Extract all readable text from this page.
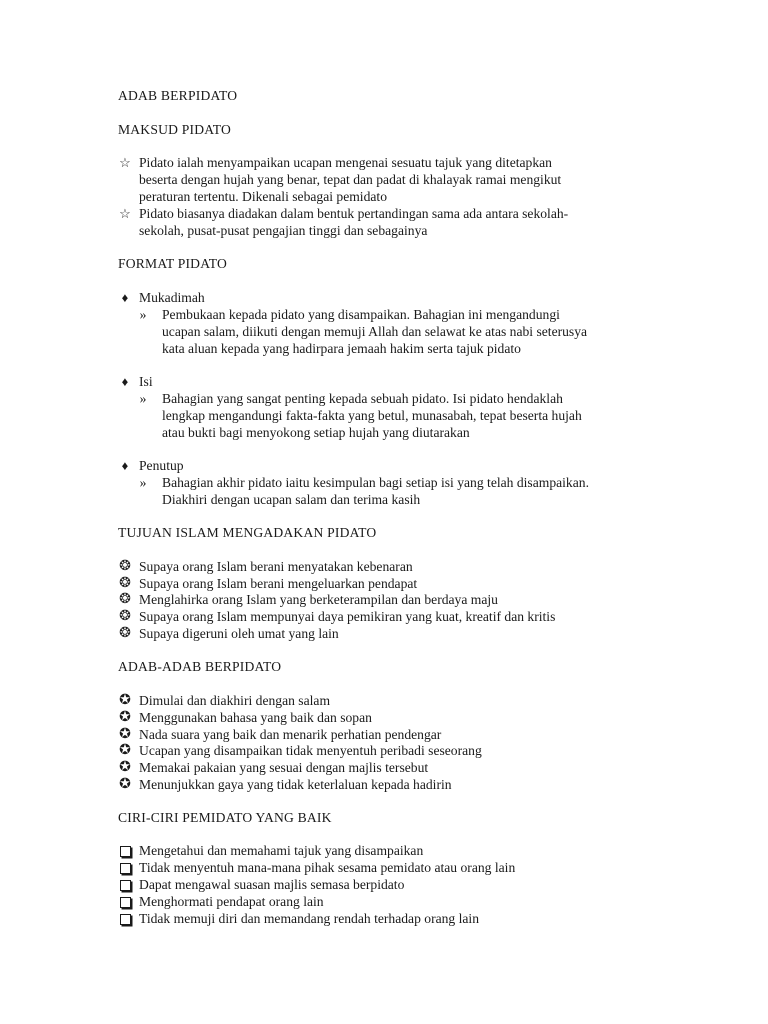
ADAB BERPIDATO
MAKSUD PIDATO
☆ Pidato ialah menyampaikan ucapan mengenai sesuatu tajuk yang ditetapkan
beserta dengan hujah yang benar, tepat dan padat di khalayak ramai mengikut
peraturan tertentu. Dikenali sebagai pemidato
☆ Pidato biasanya diadakan dalam bentuk pertandingan sama ada antara sekolah-
sekolah, pusat-pusat pengajian tinggi dan sebagainya
FORMAT PIDATO
♦ Mukadimah
» Pembukaan kepada pidato yang disampaikan. Bahagian ini mengandungi
ucapan salam, diikuti dengan memuji Allah dan selawat ke atas nabi seterusya
kata aluan kepada yang hadirpara jemaah hakim serta tajuk pidato
♦ Isi
» Bahagian yang sangat penting kepada sebuah pidato. Isi pidato hendaklah
lengkap mengandungi fakta-fakta yang betul, munasabah, tepat beserta hujah
atau bukti bagi menyokong setiap hujah yang diutarakan
♦ Penutup
» Bahagian akhir pidato iaitu kesimpulan bagi setiap isi yang telah disampaikan.
Diakhiri dengan ucapan salam dan terima kasih
TUJUAN ISLAM MENGADAKAN PIDATO
❂ Supaya orang Islam berani menyatakan kebenaran
❂ Supaya orang Islam berani mengeluarkan pendapat
❂ Menglahirka orang Islam yang berketerampilan dan berdaya maju
❂ Supaya orang Islam mempunyai daya pemikiran yang kuat, kreatif dan kritis
❂ Supaya digeruni oleh umat yang lain
ADAB-ADAB BERPIDATO
✪ Dimulai dan diakhiri dengan salam
✪ Menggunakan bahasa yang baik dan sopan
✪ Nada suara yang baik dan menarik perhatian pendengar
✪ Ucapan yang disampaikan tidak menyentuh peribadi seseorang
✪ Memakai pakaian yang sesuai dengan majlis tersebut
✪ Menunjukkan gaya yang tidak keterlaluan kepada hadirin
CIRI-CIRI PEMIDATO YANG BAIK
Mengetahui dan memahami tajuk yang disampaikan
Tidak menyentuh mana-mana pihak sesama pemidato atau orang lain
Dapat mengawal suasan majlis semasa berpidato
Menghormati pendapat orang lain
Tidak memuji diri dan memandang rendah terhadap orang lain
